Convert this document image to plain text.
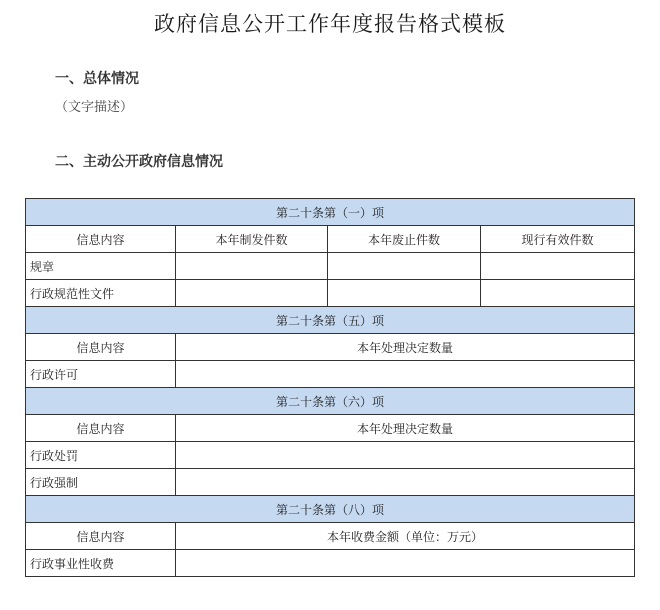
政府信息公开工作年度报告格式模板
一、总体情况
（文字描述）
二、主动公开政府信息情况
第二十条第（一）项			
信息内容	本年制发件数	本年废止件数	现行有效件数
规章			
行政规范性文件			
第二十条第（五）项			
信息内容	本年处理决定数量		
行政许可			
第二十条第（六）项			
信息内容	本年处理决定数量		
行政处罚			
行政强制			
第二十条第（八）项			
信息内容	本年收费金额（单位：万元）		
行政事业性收费			
